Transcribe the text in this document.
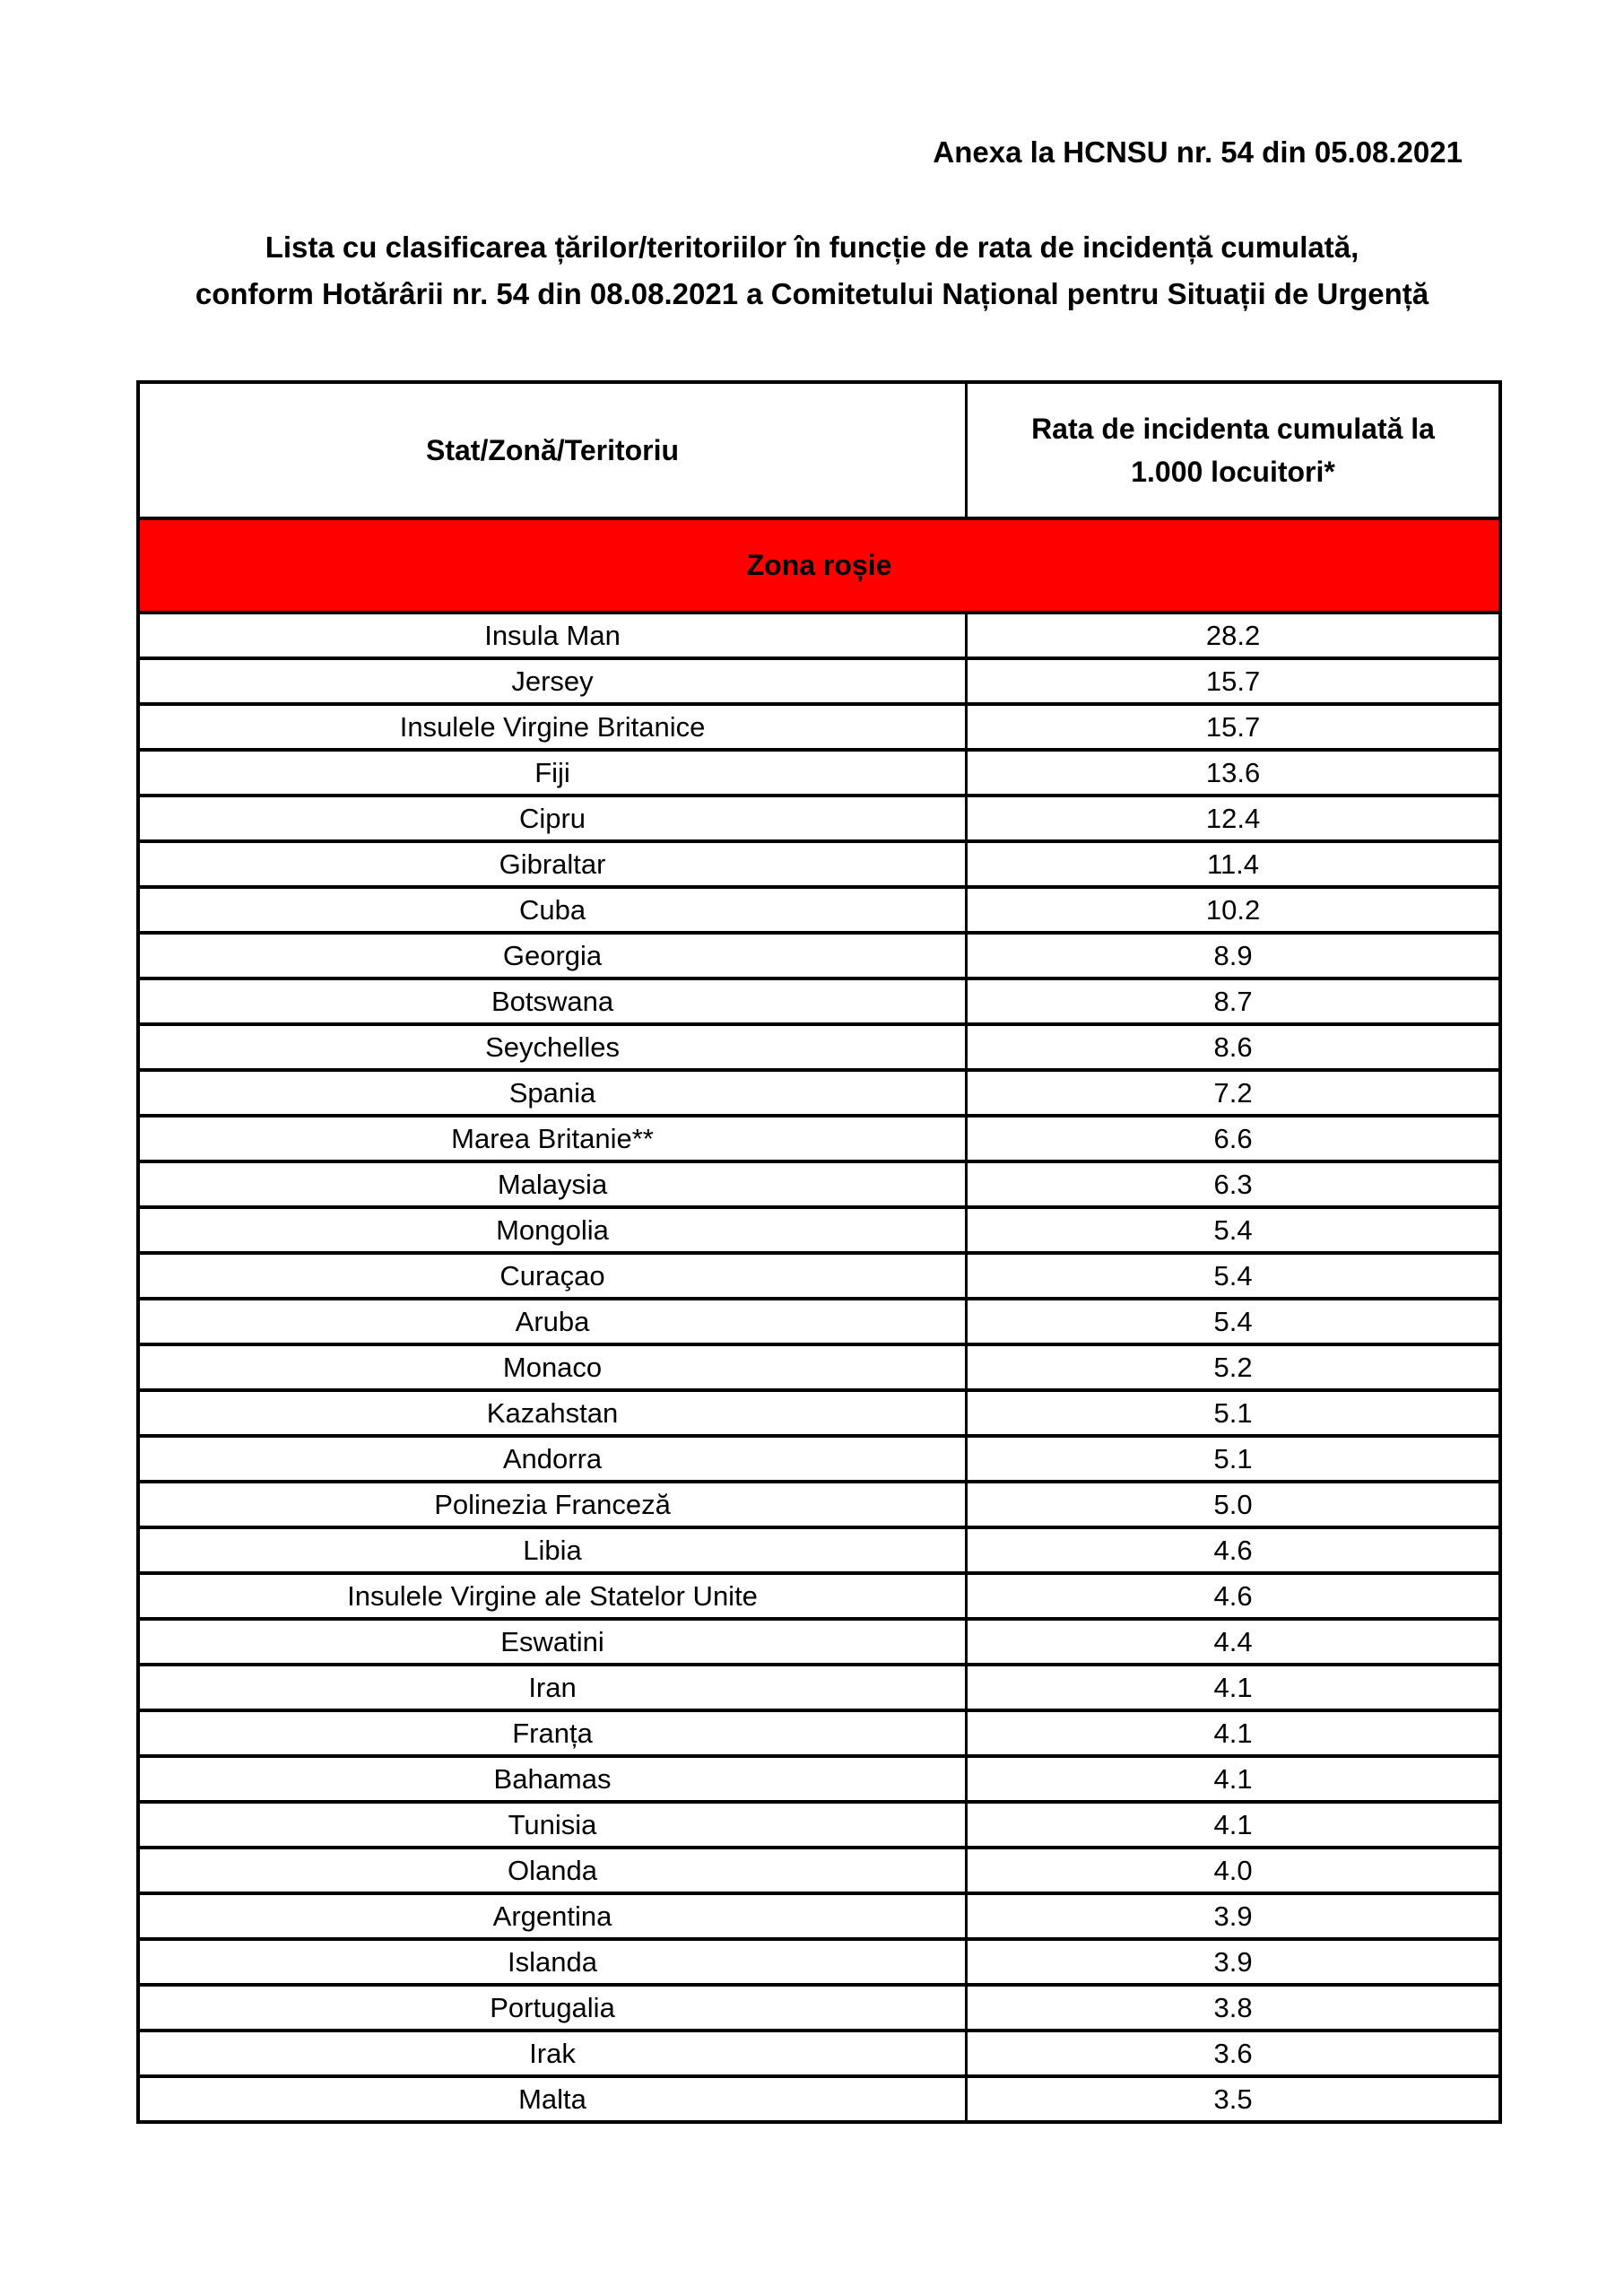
Anexa la HCNSU nr. 54 din 05.08.2021
Lista cu clasificarea țărilor/teritoriilor în funcție de rata de incidență cumulată,
conform Hotărârii nr. 54 din 08.08.2021 a Comitetului Național pentru Situații de Urgență
Stat/Zonă/Teritoriu	Rata de incidenta cumulată la 1.000 locuitori*
Zona roșie	
Insula Man	28.2
Jersey	15.7
Insulele Virgine Britanice	15.7
Fiji	13.6
Cipru	12.4
Gibraltar	11.4
Cuba	10.2
Georgia	8.9
Botswana	8.7
Seychelles	8.6
Spania	7.2
Marea Britanie**	6.6
Malaysia	6.3
Mongolia	5.4
Curaçao	5.4
Aruba	5.4
Monaco	5.2
Kazahstan	5.1
Andorra	5.1
Polinezia Franceză	5.0
Libia	4.6
Insulele Virgine ale Statelor Unite	4.6
Eswatini	4.4
Iran	4.1
Franța	4.1
Bahamas	4.1
Tunisia	4.1
Olanda	4.0
Argentina	3.9
Islanda	3.9
Portugalia	3.8
Irak	3.6
Malta	3.5
